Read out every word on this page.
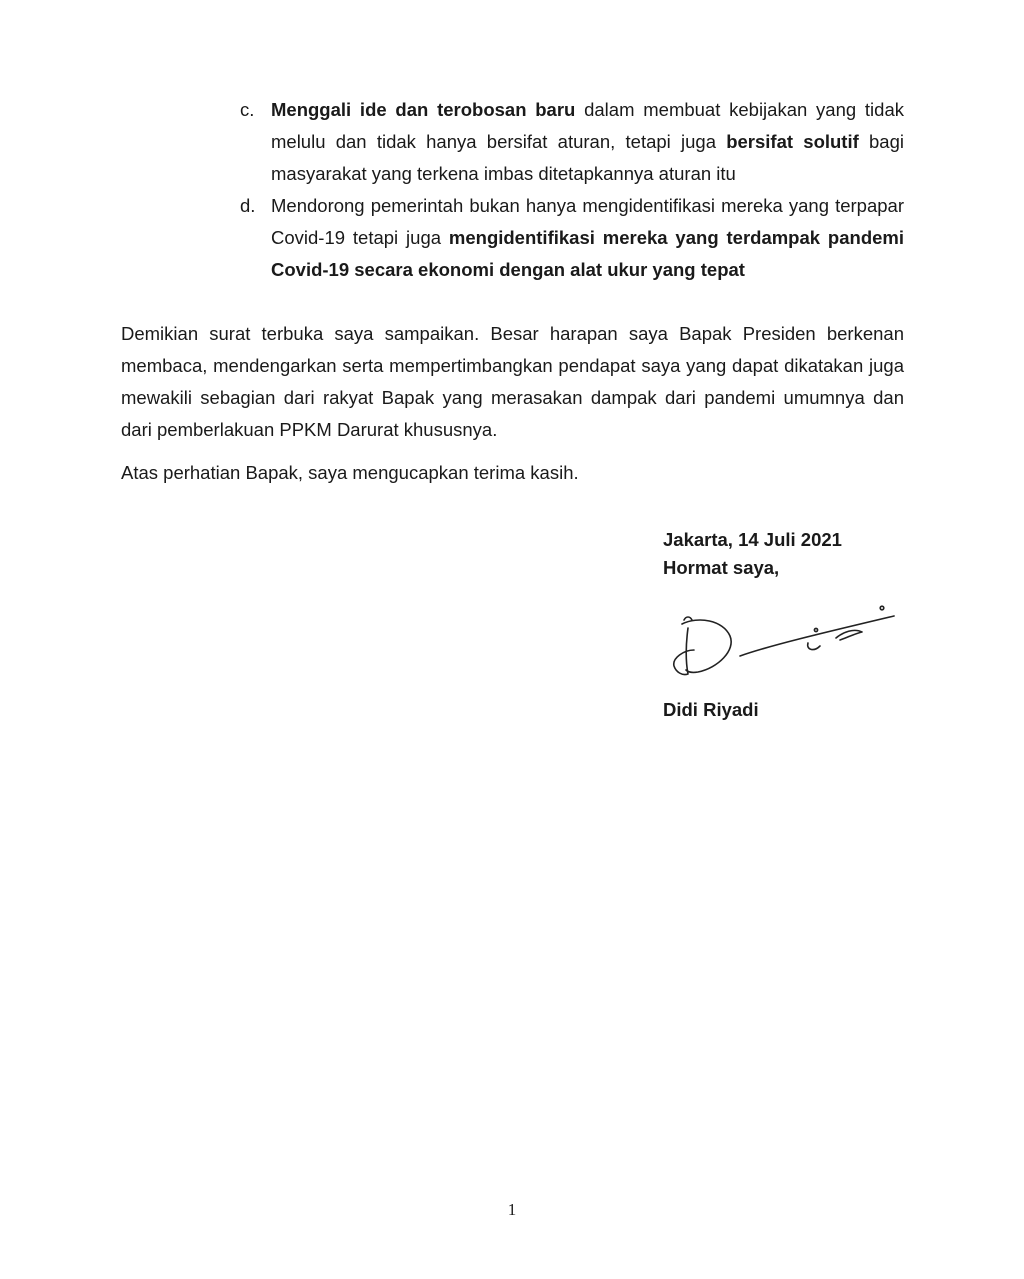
c. Menggali ide dan terobosan baru dalam membuat kebijakan yang tidak melulu dan tidak hanya bersifat aturan, tetapi juga bersifat solutif bagi masyarakat yang terkena imbas ditetapkannya aturan itu
d. Mendorong pemerintah bukan hanya mengidentifikasi mereka yang terpapar Covid-19 tetapi juga mengidentifikasi mereka yang terdampak pandemi Covid-19 secara ekonomi dengan alat ukur yang tepat

Demikian surat terbuka saya sampaikan. Besar harapan saya Bapak Presiden berkenan membaca, mendengarkan serta mempertimbangkan pendapat saya yang dapat dikatakan juga mewakili sebagian dari rakyat Bapak yang merasakan dampak dari pandemi umumnya dan dari pemberlakuan PPKM Darurat khususnya.

Atas perhatian Bapak, saya mengucapkan terima kasih.

Jakarta, 14 Juli 2021
Hormat saya,
Didi Riyadi
1
